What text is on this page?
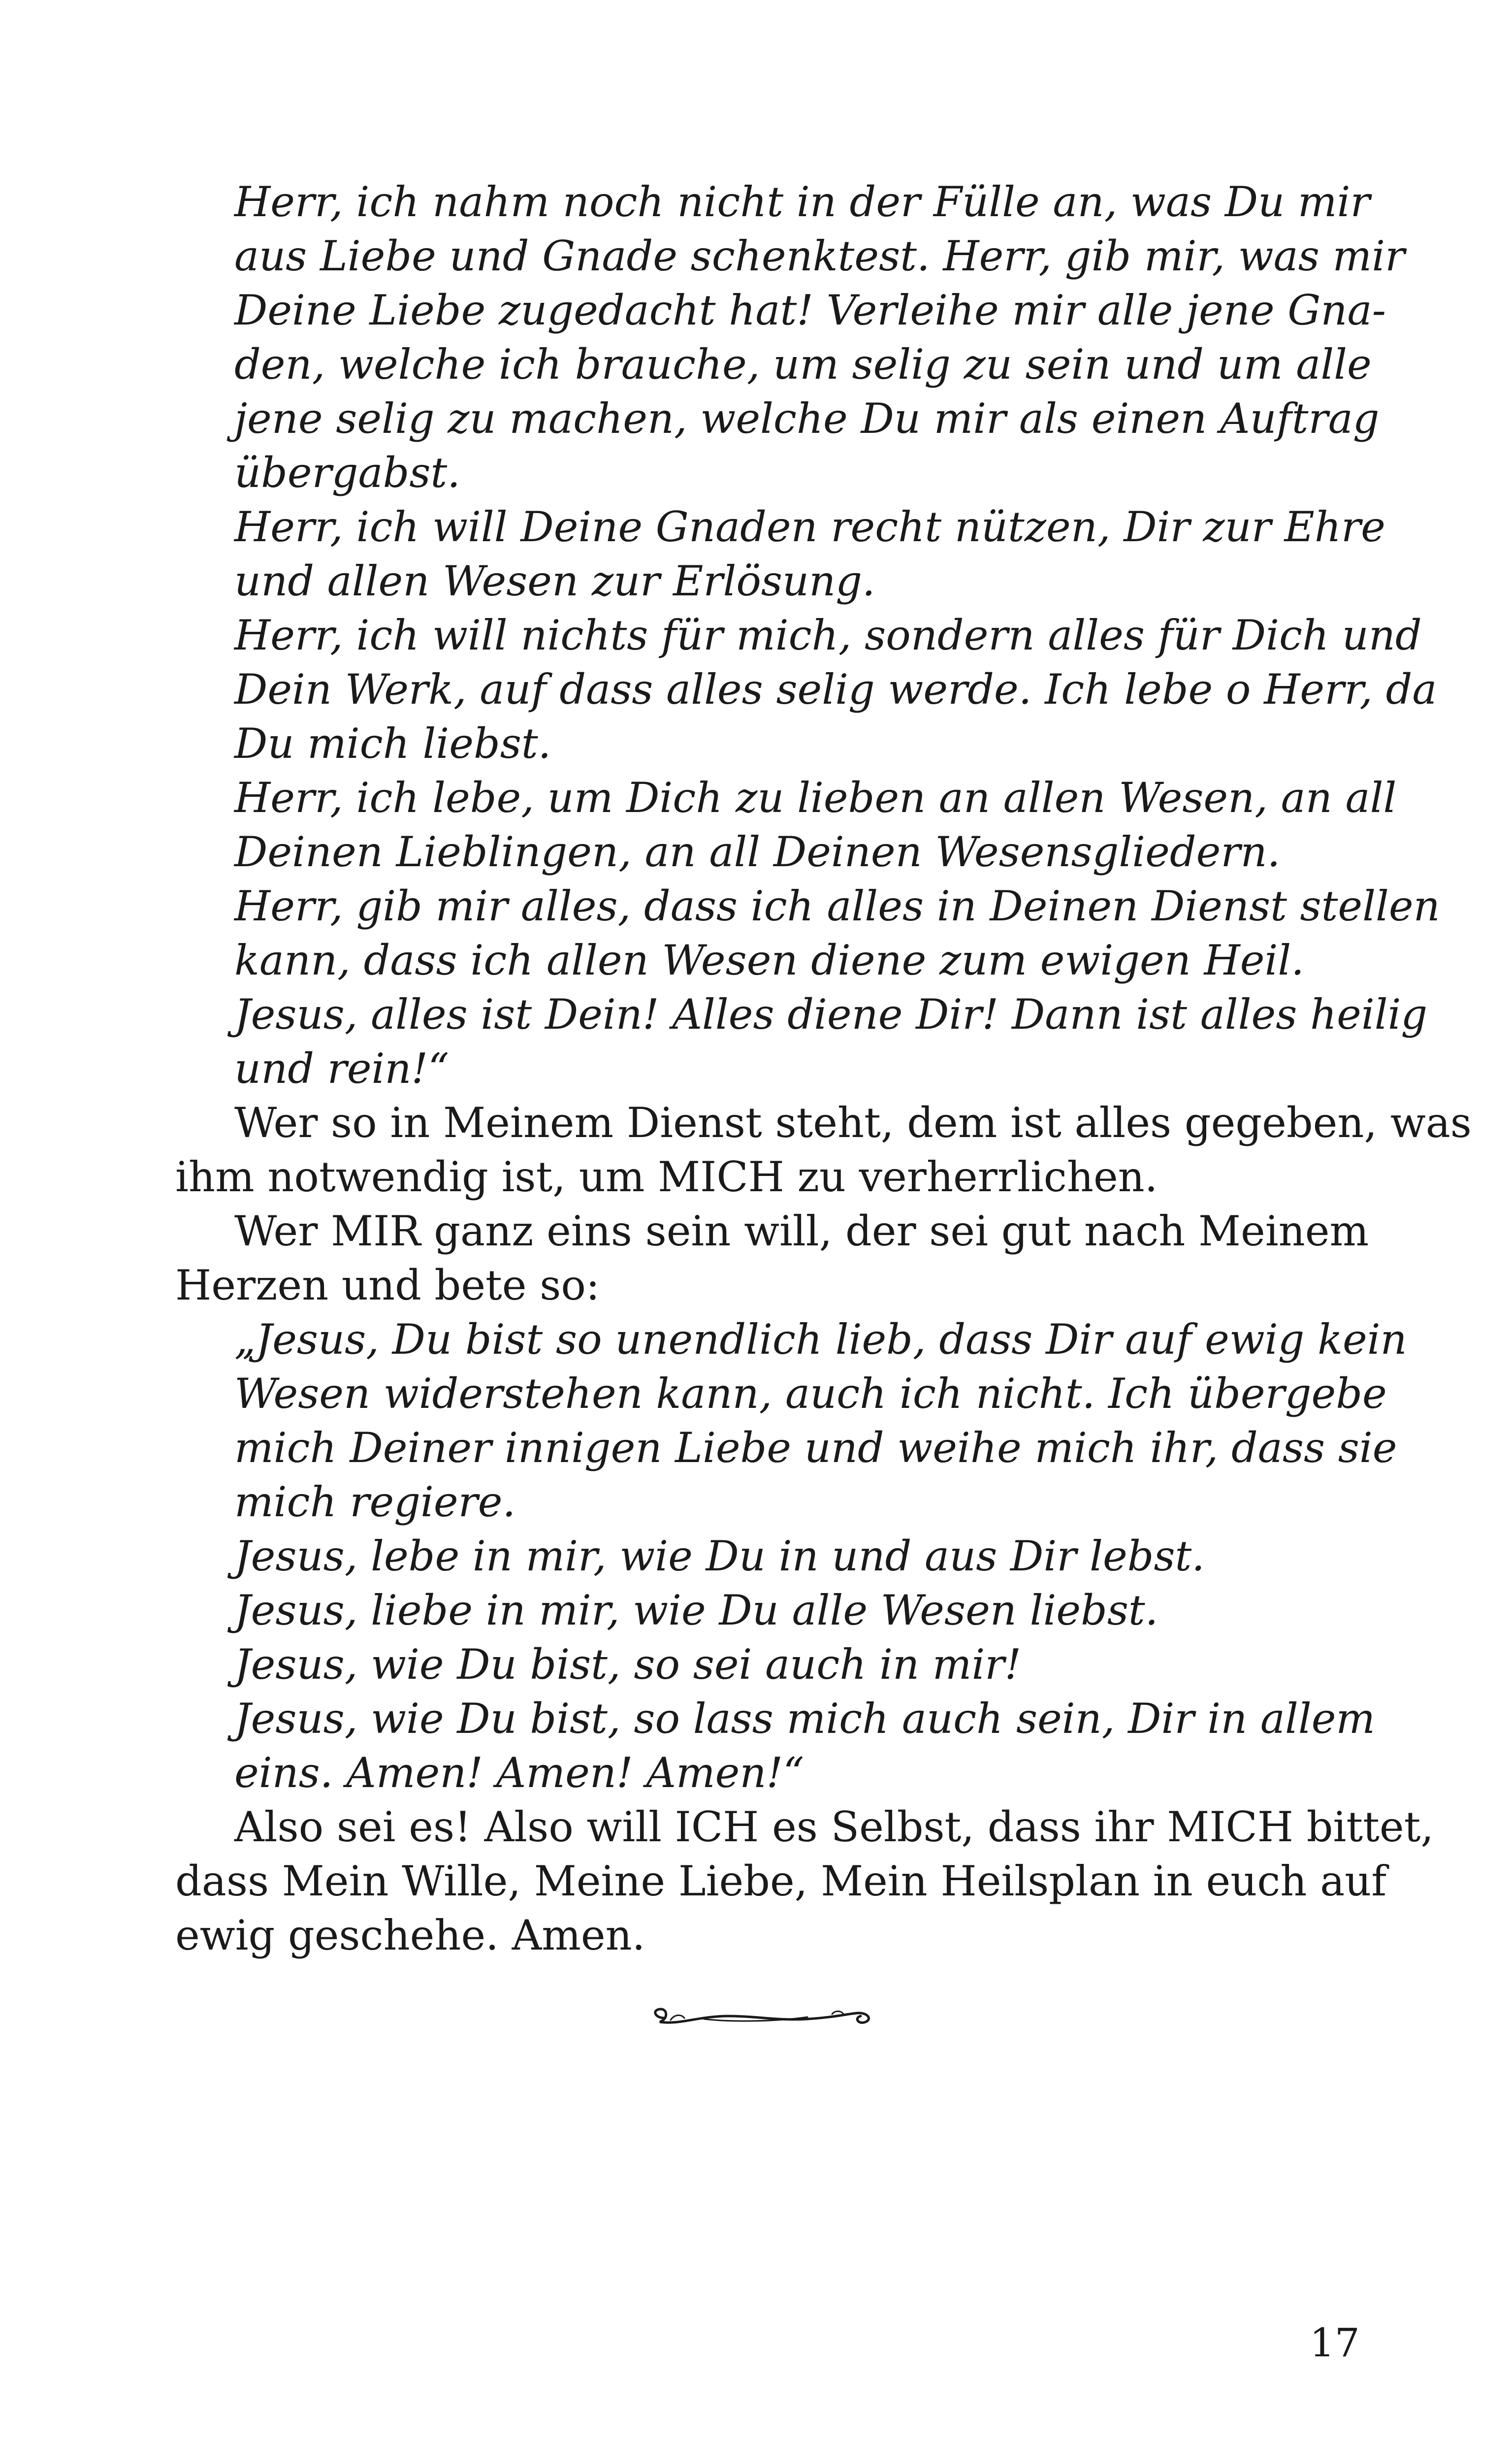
Herr, ich nahm noch nicht in der Fülle an, was Du mir
aus Liebe und Gnade schenktest. Herr, gib mir, was mir
Deine Liebe zugedacht hat! Verleihe mir alle jene Gna-
den, welche ich brauche, um selig zu sein und um alle
jene selig zu machen, welche Du mir als einen Auftrag
übergabst.
Herr, ich will Deine Gnaden recht nützen, Dir zur Ehre
und allen Wesen zur Erlösung.
Herr, ich will nichts für mich, sondern alles für Dich und
Dein Werk, auf dass alles selig werde. Ich lebe o Herr, da
Du mich liebst.
Herr, ich lebe, um Dich zu lieben an allen Wesen, an all
Deinen Lieblingen, an all Deinen Wesensgliedern.
Herr, gib mir alles, dass ich alles in Deinen Dienst stellen
kann, dass ich allen Wesen diene zum ewigen Heil.
Jesus, alles ist Dein! Alles diene Dir! Dann ist alles heilig
und rein!“
Wer so in Meinem Dienst steht, dem ist alles gegeben, was
ihm notwendig ist, um MICH zu verherrlichen.
Wer MIR ganz eins sein will, der sei gut nach Meinem
Herzen und bete so:
„Jesus, Du bist so unendlich lieb, dass Dir auf ewig kein
Wesen widerstehen kann, auch ich nicht. Ich übergebe
mich Deiner innigen Liebe und weihe mich ihr, dass sie
mich regiere.
Jesus, lebe in mir, wie Du in und aus Dir lebst.
Jesus, liebe in mir, wie Du alle Wesen liebst.
Jesus, wie Du bist, so sei auch in mir!
Jesus, wie Du bist, so lass mich auch sein, Dir in allem
eins. Amen! Amen! Amen!“
Also sei es! Also will ICH es Selbst, dass ihr MICH bittet,
dass Mein Wille, Meine Liebe, Mein Heilsplan in euch auf
ewig geschehe. Amen.
17
